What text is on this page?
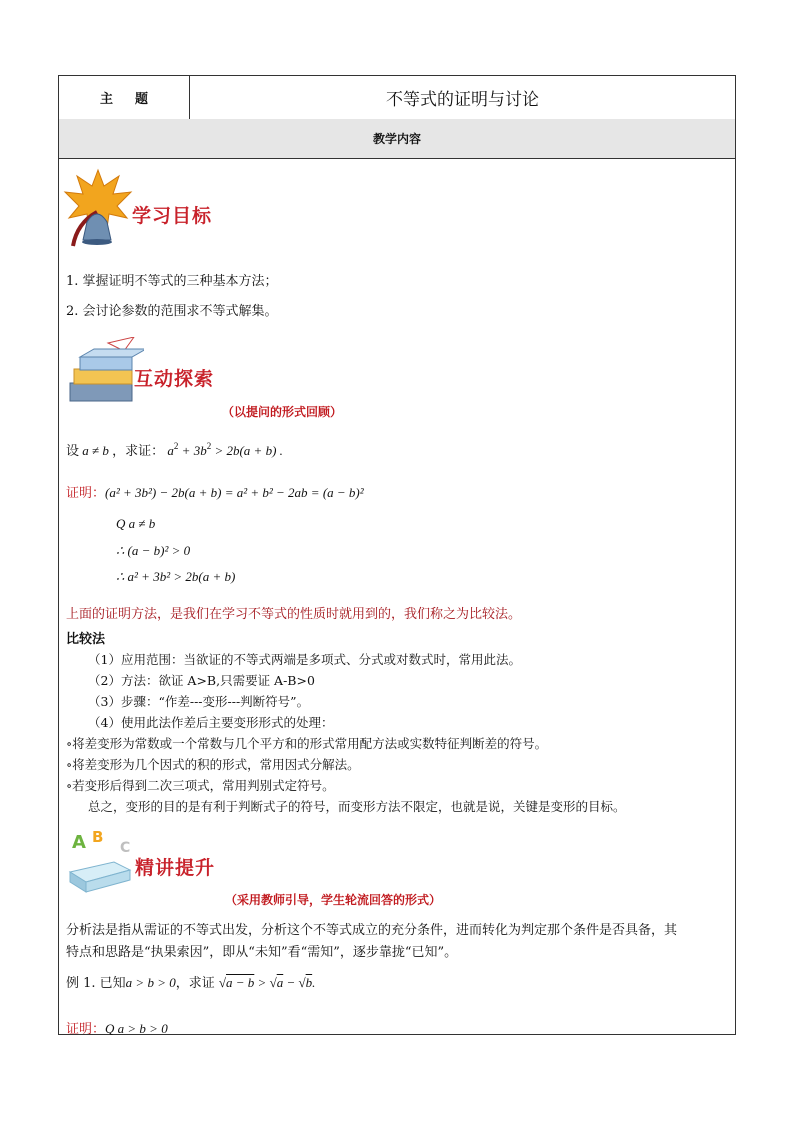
主题	不等式的证明与讨论
教学内容
学习目标
1. 掌握证明不等式的三种基本方法；
2. 会讨论参数的范围求不等式解集。
互动探索
（以提问的形式回顾）
设 a ≠ b ，求证： $a^2 + 3b^2 > 2b(a + b)$ .
证明：(a² + 3b²) − 2b(a + b) = a² + b² − 2ab = (a − b)²
Q a ≠ b
∴ (a − b)² > 0
∴ a² + 3b² > 2b(a + b)
上面的证明方法，是我们在学习不等式的性质时就用到的，我们称之为比较法。
比较法
（1）应用范围：当欲证的不等式两端是多项式、分式或对数式时，常用此法。
（2）方法：欲证 A>B,只需要证 A-B>0
（3）步骤：“作差---变形---判断符号”。
（4）使用此法作差后主要变形形式的处理：
∘将差变形为常数或一个常数与几个平方和的形式常用配方法或实数特征判断差的符号。
∘将差变形为几个因式的积的形式，常用因式分解法。
∘若变形后得到二次三项式，常用判别式定符号。
总之，变形的目的是有利于判断式子的符号，而变形方法不限定，也就是说，关键是变形的目标。
A B
C
精讲提升
（采用教师引导，学生轮流回答的形式）
分析法是指从需证的不等式出发，分析这个不等式成立的充分条件，进而转化为判定那个条件是否具备，其
特点和思路是“执果索因”，即从“未知”看“需知”，逐步靠拢“已知”。
例 1. 已知a > b > 0，求证 √a − b > √a − √b.
证明：Q a > b > 0
